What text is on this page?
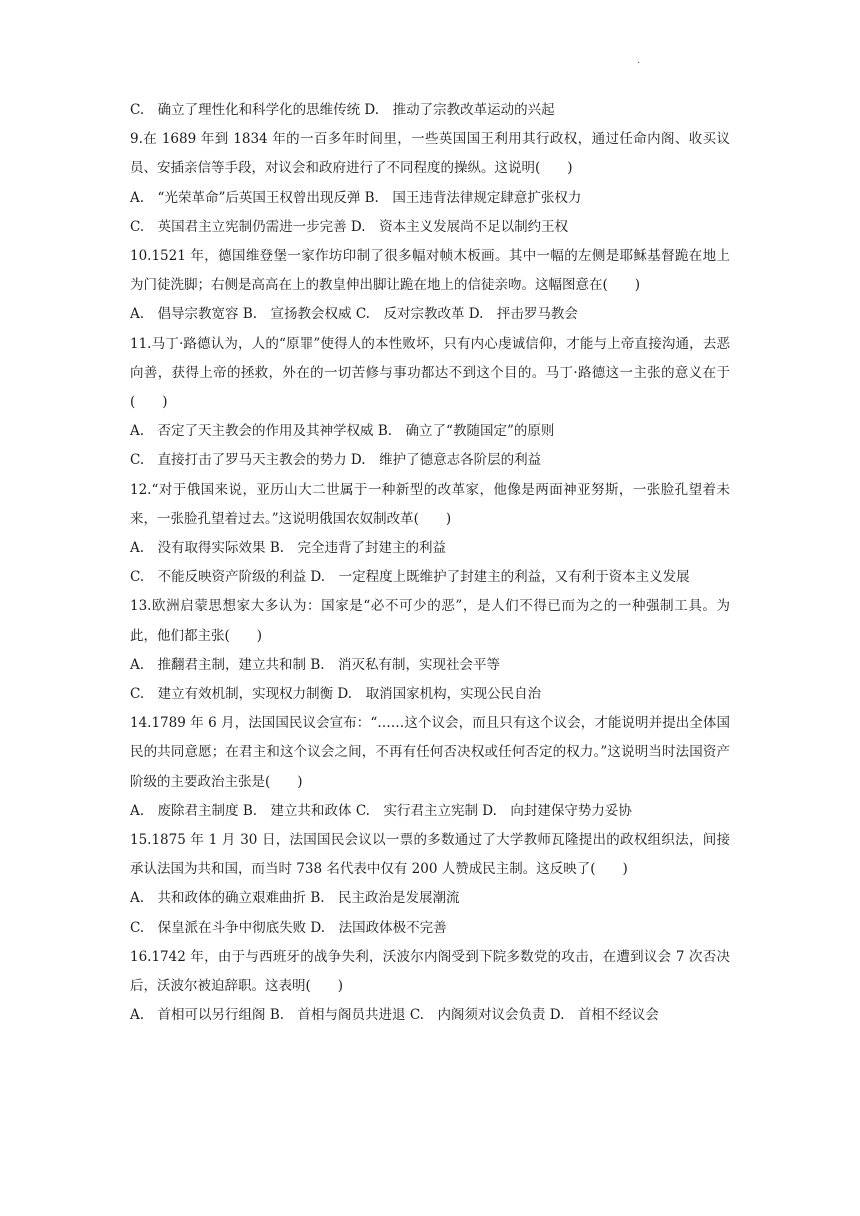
·
C.　确立了理性化和科学化的思维传统 D.　推动了宗教改革运动的兴起
9.在 1689 年到 1834 年的一百多年时间里，一些英国国王利用其行政权，通过任命内阁、收买议员、安插亲信等手段，对议会和政府进行了不同程度的操纵。这说明(　　)
A.　“光荣革命”后英国王权曾出现反弹 B.　国王违背法律规定肆意扩张权力
C.　英国君主立宪制仍需进一步完善 D.　资本主义发展尚不足以制约王权
10.1521 年，德国维登堡一家作坊印制了很多幅对帧木板画。其中一幅的左侧是耶稣基督跪在地上为门徒洗脚；右侧是高高在上的教皇伸出脚让跪在地上的信徒亲吻。这幅图意在(　　)
A.　倡导宗教宽容 B.　宣扬教会权威 C.　反对宗教改革 D.　抨击罗马教会
11.马丁·路德认为，人的“原罪”使得人的本性败坏，只有内心虔诚信仰，才能与上帝直接沟通，去恶向善，获得上帝的拯救，外在的一切苦修与事功都达不到这个目的。马丁·路德这一主张的意义在于(　　)
A.　否定了天主教会的作用及其神学权威 B.　确立了“教随国定”的原则
C.　直接打击了罗马天主教会的势力 D.　维护了德意志各阶层的利益
12.“对于俄国来说，亚历山大二世属于一种新型的改革家，他像是两面神亚努斯，一张脸孔望着未来，一张脸孔望着过去。”这说明俄国农奴制改革(　　)
A.　没有取得实际效果 B.　完全违背了封建主的利益
C.　不能反映资产阶级的利益 D.　一定程度上既维护了封建主的利益，又有利于资本主义发展
13.欧洲启蒙思想家大多认为：国家是“必不可少的恶”，是人们不得已而为之的一种强制工具。为此，他们都主张(　　)
A.　推翻君主制，建立共和制 B.　消灭私有制，实现社会平等
C.　建立有效机制，实现权力制衡 D.　取消国家机构，实现公民自治
14.1789 年 6 月，法国国民议会宣布：“……这个议会，而且只有这个议会，才能说明并提出全体国民的共同意愿；在君主和这个议会之间，不再有任何否决权或任何否定的权力。”这说明当时法国资产阶级的主要政治主张是(　　)
A.　废除君主制度 B.　建立共和政体 C.　实行君主立宪制 D.　向封建保守势力妥协
15.1875 年 1 月 30 日，法国国民会议以一票的多数通过了大学教师瓦隆提出的政权组织法，间接承认法国为共和国，而当时 738 名代表中仅有 200 人赞成民主制。这反映了(　　)
A.　共和政体的确立艰难曲折 B.　民主政治是发展潮流
C.　保皇派在斗争中彻底失败 D.　法国政体极不完善
16.1742 年，由于与西班牙的战争失利，沃波尔内阁受到下院多数党的攻击，在遭到议会 7 次否决后，沃波尔被迫辞职。这表明(　　)
A.　首相可以另行组阁 B.　首相与阁员共进退 C.　内阁须对议会负责 D.　首相不经议会
